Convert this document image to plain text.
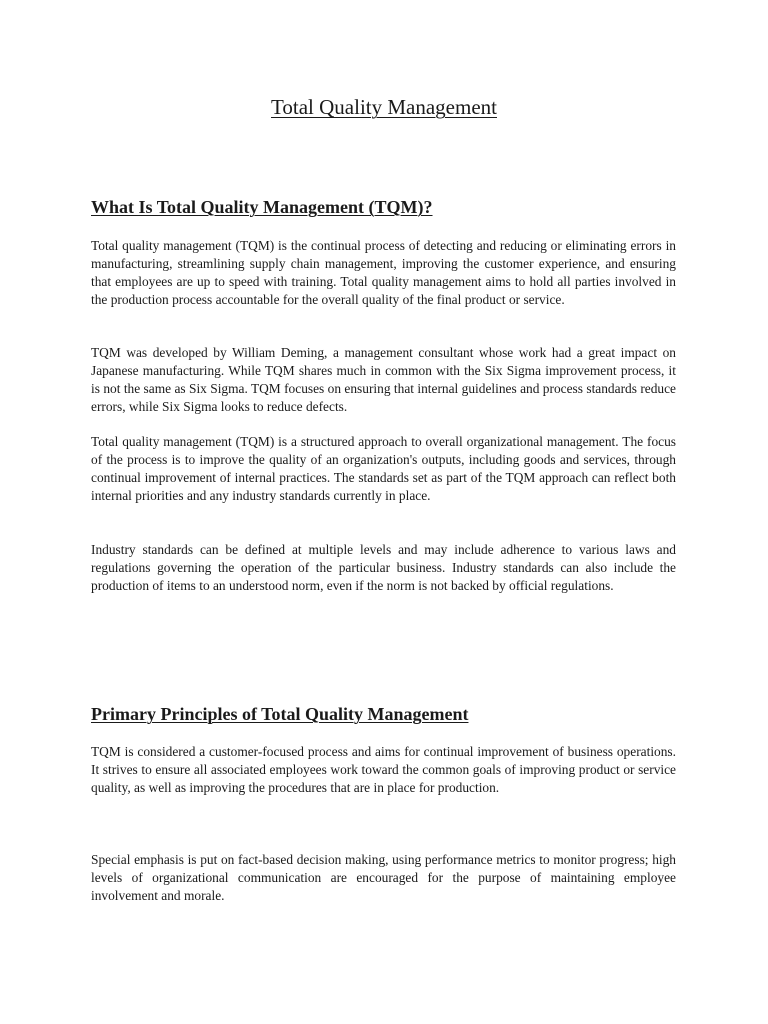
Total Quality Management
What Is Total Quality Management (TQM)?

Total quality management (TQM) is the continual process of detecting and reducing or eliminating errors in manufacturing, streamlining supply chain management, improving the customer experience, and ensuring that employees are up to speed with training. Total quality management aims to hold all parties involved in the production process accountable for the overall quality of the final product or service.

TQM was developed by William Deming, a management consultant whose work had a great impact on Japanese manufacturing. While TQM shares much in common with the Six Sigma improvement process, it is not the same as Six Sigma. TQM focuses on ensuring that internal guidelines and process standards reduce errors, while Six Sigma looks to reduce defects.

Total quality management (TQM) is a structured approach to overall organizational management. The focus of the process is to improve the quality of an organization's outputs, including goods and services, through continual improvement of internal practices. The standards set as part of the TQM approach can reflect both internal priorities and any industry standards currently in place.

Industry standards can be defined at multiple levels and may include adherence to various laws and regulations governing the operation of the particular business. Industry standards can also include the production of items to an understood norm, even if the norm is not backed by official regulations.

Primary Principles of Total Quality Management

TQM is considered a customer-focused process and aims for continual improvement of business operations. It strives to ensure all associated employees work toward the common goals of improving product or service quality, as well as improving the procedures that are in place for production.

Special emphasis is put on fact-based decision making, using performance metrics to monitor progress; high levels of organizational communication are encouraged for the purpose of maintaining employee involvement and morale.
